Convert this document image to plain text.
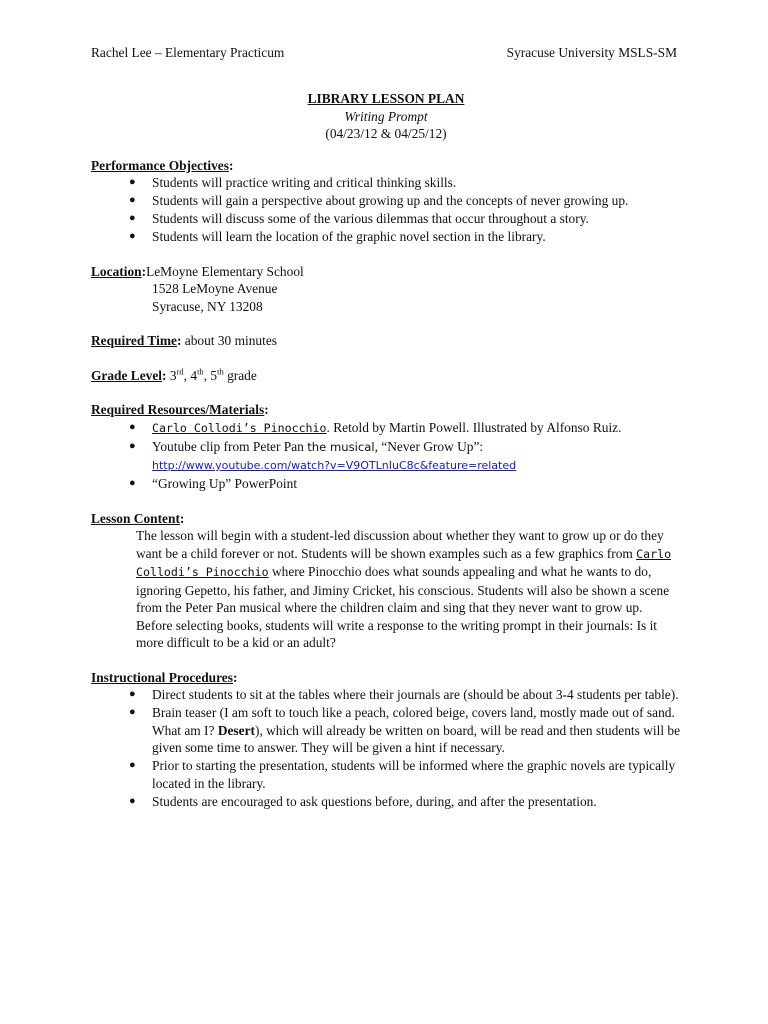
Rachel Lee – Elementary Practicum	Syracuse University MSLS-SM
LIBRARY LESSON PLAN
Writing Prompt
(04/23/12 & 04/25/12)
Performance Objectives:
● Students will practice writing and critical thinking skills.
● Students will gain a perspective about growing up and the concepts of never growing up.
● Students will discuss some of the various dilemmas that occur throughout a story.
● Students will learn the location of the graphic novel section in the library.
Location: LeMoyne Elementary School
1528 LeMoyne Avenue
Syracuse, NY 13208
Required Time: about 30 minutes
Grade Level: 3rd, 4th, 5th grade
Required Resources/Materials:
● Carlo Collodi’s Pinocchio. Retold by Martin Powell. Illustrated by Alfonso Ruiz.
● Youtube clip from Peter Pan the musical, “Never Grow Up”:
http://www.youtube.com/watch?v=V9OTLnIuC8c&feature=related
● “Growing Up” PowerPoint
Lesson Content:
The lesson will begin with a student-led discussion about whether they want to grow up or do they want be a child forever or not. Students will be shown examples such as a few graphics from Carlo Collodi’s Pinocchio where Pinocchio does what sounds appealing and what he wants to do, ignoring Gepetto, his father, and Jiminy Cricket, his conscious. Students will also be shown a scene from the Peter Pan musical where the children claim and sing that they never want to grow up. Before selecting books, students will write a response to the writing prompt in their journals: Is it more difficult to be a kid or an adult?
Instructional Procedures:
● Direct students to sit at the tables where their journals are (should be about 3-4 students per table).
● Brain teaser (I am soft to touch like a peach, colored beige, covers land, mostly made out of sand. What am I? Desert), which will already be written on board, will be read and then students will be given some time to answer. They will be given a hint if necessary.
● Prior to starting the presentation, students will be informed where the graphic novels are typically located in the library.
● Students are encouraged to ask questions before, during, and after the presentation.
